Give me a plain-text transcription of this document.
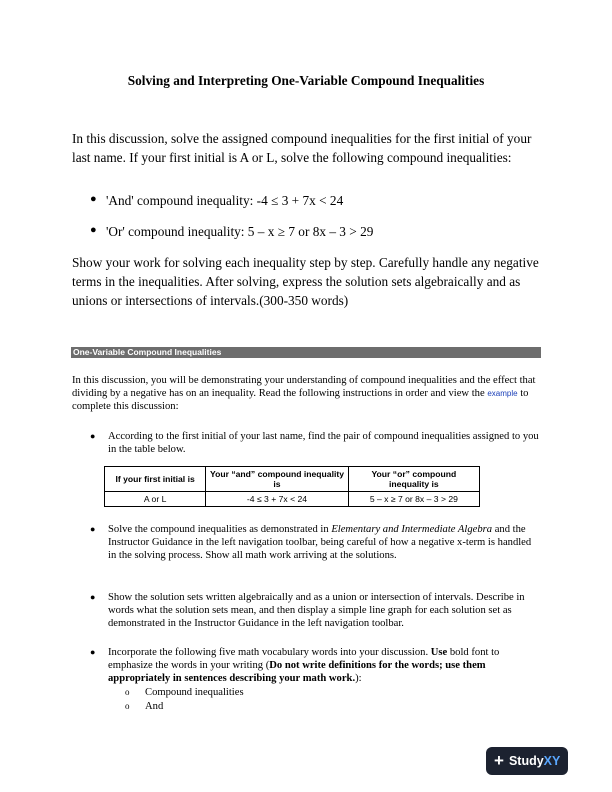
Solving and Interpreting One-Variable Compound Inequalities
In this discussion, solve the assigned compound inequalities for the first initial of your last name. If your first initial is A or L, solve the following compound inequalities:
● 'And' compound inequality: -4 ≤ 3 + 7x < 24
● 'Or' compound inequality: 5 – x ≥ 7 or 8x – 3 > 29
Show your work for solving each inequality step by step. Carefully handle any negative terms in the inequalities. After solving, express the solution sets algebraically and as unions or intersections of intervals.(300-350 words)
One-Variable Compound Inequalities
In this discussion, you will be demonstrating your understanding of compound inequalities and the effect that dividing by a negative has on an inequality. Read the following instructions in order and view the example to complete this discussion:
● According to the first initial of your last name, find the pair of compound inequalities assigned to you in the table below.
If your first initial is	Your “and” compound inequality is	Your “or” compound inequality is
A or L	-4 ≤ 3 + 7x < 24	5 – x ≥ 7 or 8x – 3 > 29
● Solve the compound inequalities as demonstrated in Elementary and Intermediate Algebra and the Instructor Guidance in the left navigation toolbar, being careful of how a negative x-term is handled in the solving process. Show all math work arriving at the solutions.
● Show the solution sets written algebraically and as a union or intersection of intervals. Describe in words what the solution sets mean, and then display a simple line graph for each solution set as demonstrated in the Instructor Guidance in the left navigation toolbar.
● Incorporate the following five math vocabulary words into your discussion. Use bold font to emphasize the words in your writing (Do not write definitions for the words; use them appropriately in sentences describing your math work.):
o Compound inequalities
o And
+ StudyXY
